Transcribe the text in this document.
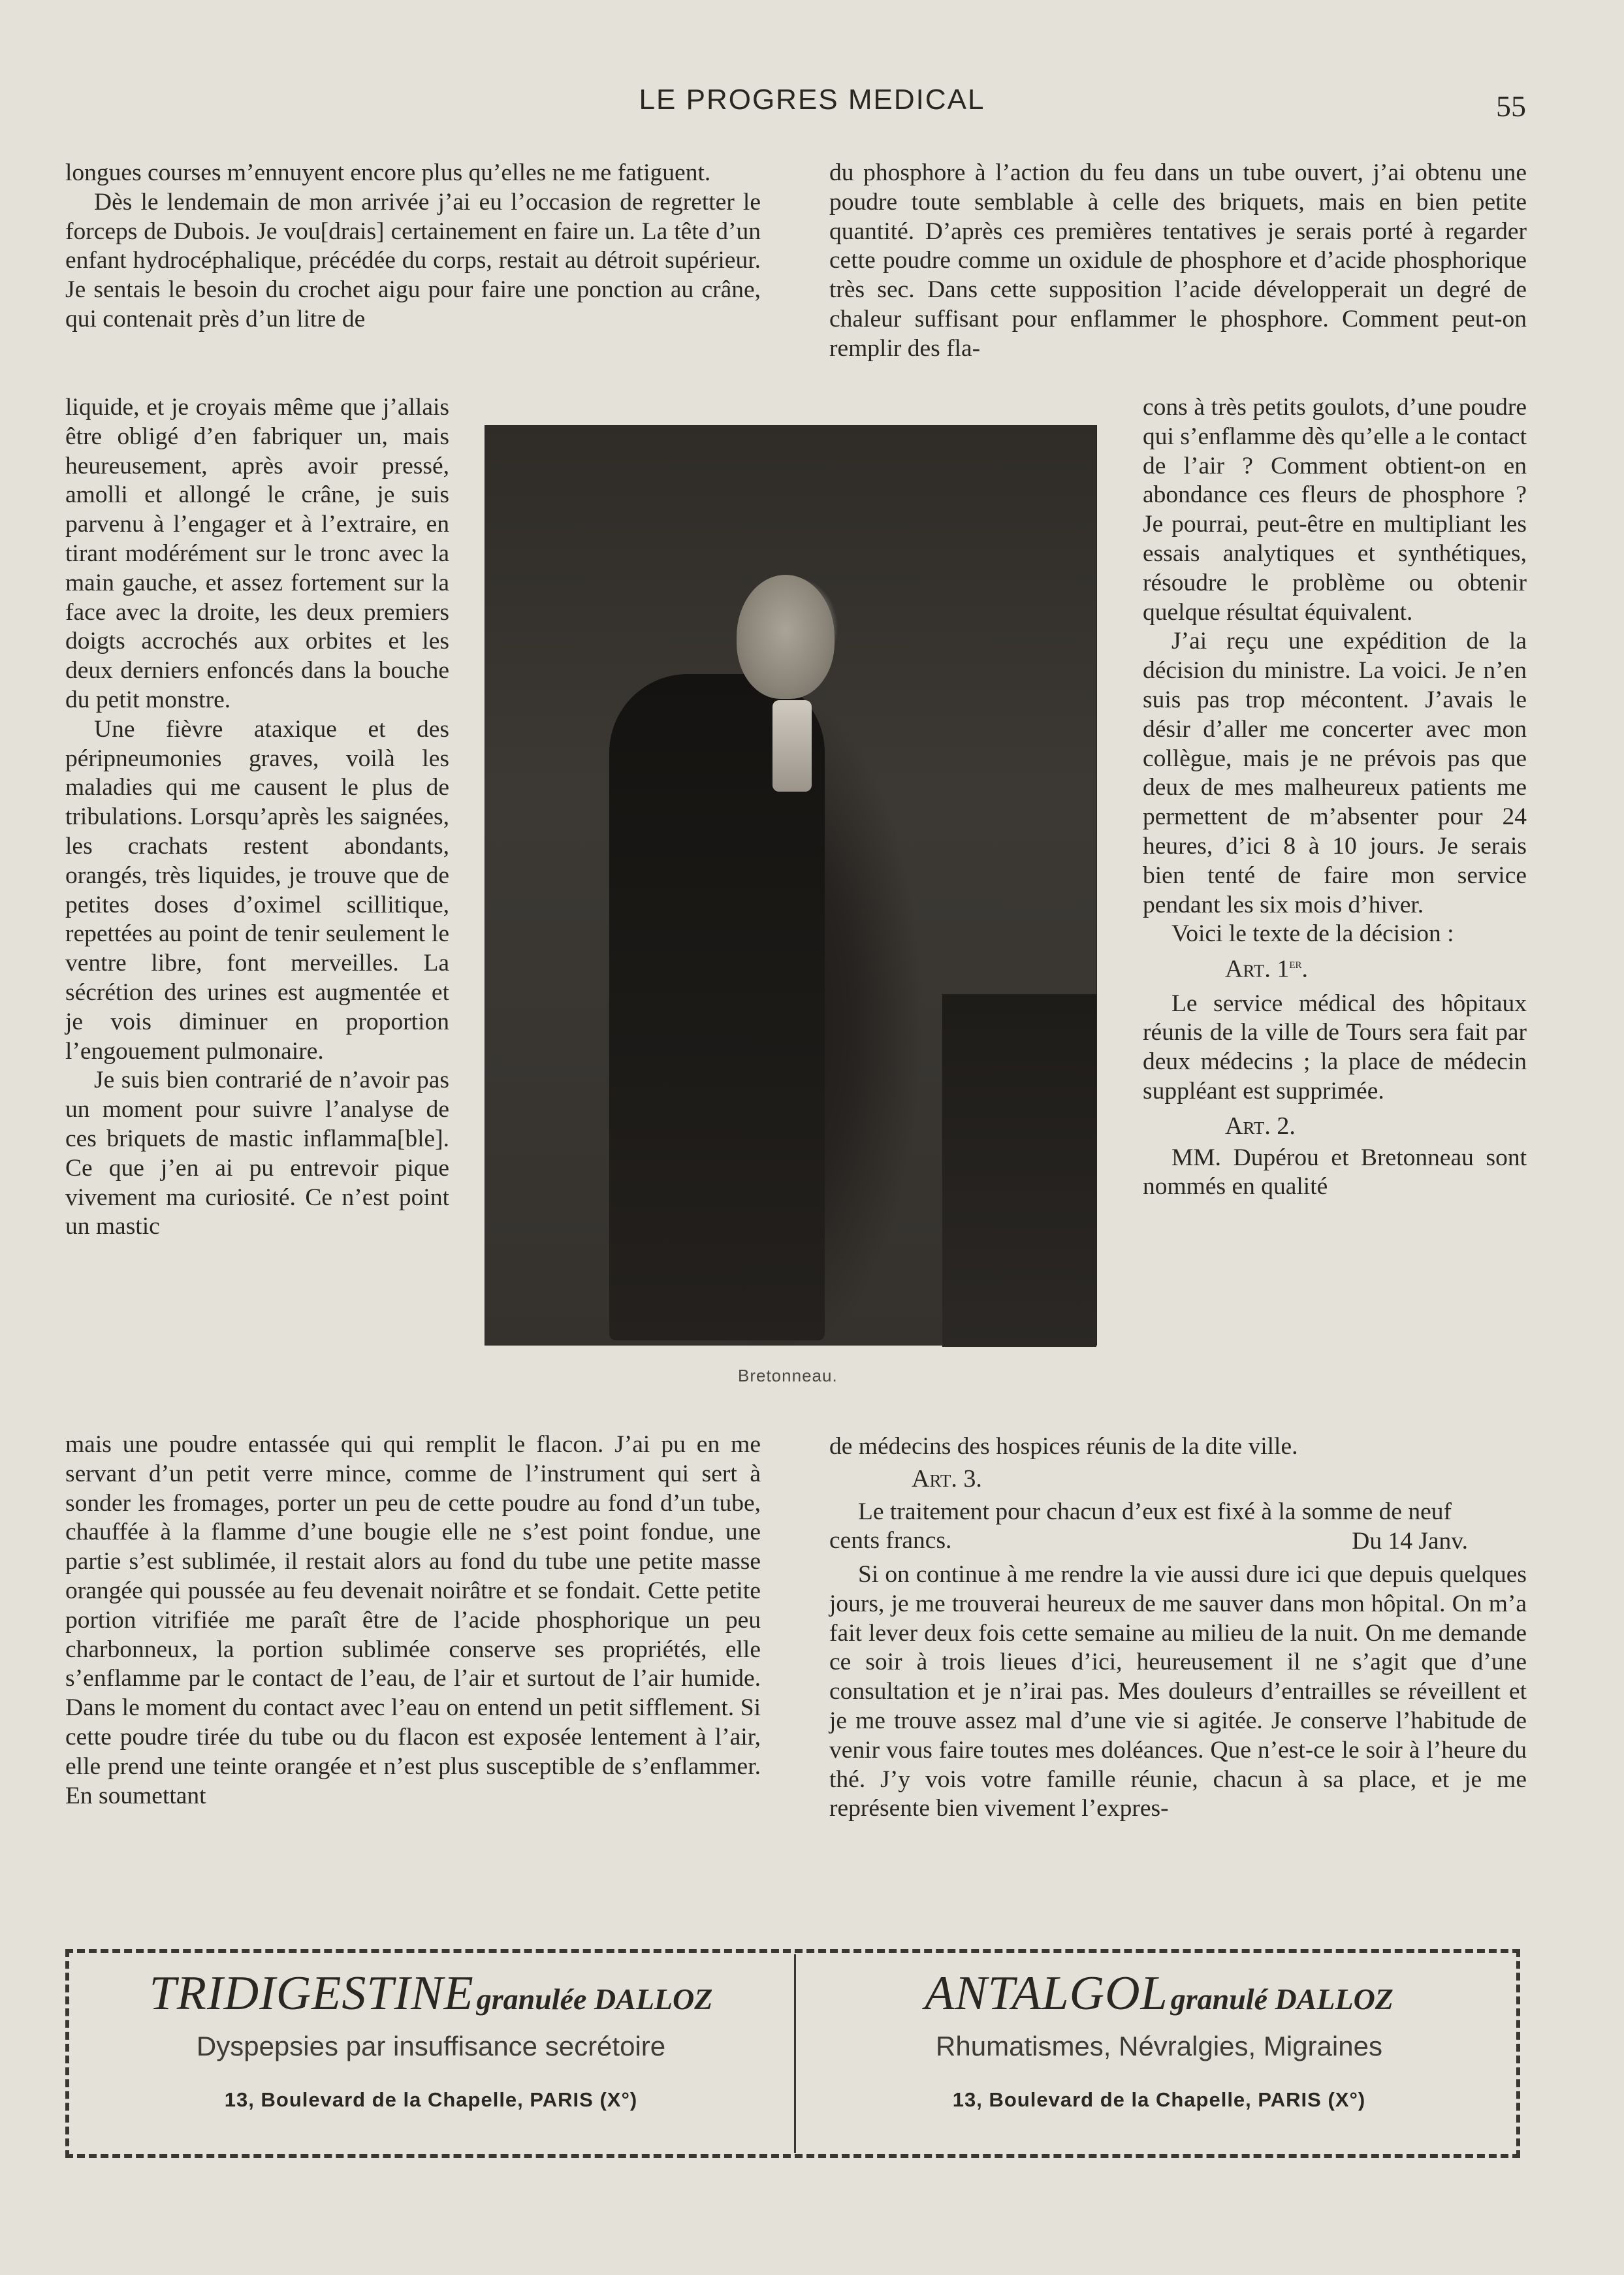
LE PROGRES MEDICAL	55

longues courses m’ennuyent encore plus qu’elles ne me fatiguent.

Dès le lendemain de mon arrivée j’ai eu l’occasion de regretter le forceps de Dubois. Je vou[drais] certainement en faire un. La tête d’un enfant hydrocéphalique, précédée du corps, restait au détroit supérieur. Je sentais le besoin du crochet aigu pour faire une ponction au crâne, qui contenait près d’un litre de

liquide, et je croyais même que j’allais être obligé d’en fabriquer un, mais heureusement, après avoir pressé, amolli et allongé le crâne, je suis parvenu à l’engager et à l’extraire, en tirant modérément sur le tronc avec la main gauche, et assez fortement sur la face avec la droite, les deux premiers doigts accrochés aux orbites et les deux derniers enfoncés dans la bouche du petit monstre.

Une fièvre ataxique et des péripneumonies graves, voilà les maladies qui me causent le plus de tribulations. Lorsqu’après les saignées, les crachats restent abondants, orangés, très liquides, je trouve que de petites doses d’oximel scillitique, repettées au point de tenir seulement le ventre libre, font merveilles. La sécrétion des urines est augmentée et je vois diminuer en proportion l’engouement pulmonaire.

Je suis bien contrarié de n’avoir pas un moment pour suivre l’analyse de ces briquets de mastic inflamma[ble]. Ce que j’en ai pu entrevoir pique vivement ma curiosité. Ce n’est point un mastic

mais une poudre entassée qui qui remplit le flacon. J’ai pu en me servant d’un petit verre mince, comme de l’instrument qui sert à sonder les fromages, porter un peu de cette poudre au fond d’un tube, chauffée à la flamme d’une bougie elle ne s’est point fondue, une partie s’est sublimée, il restait alors au fond du tube une petite masse orangée qui poussée au feu devenait noirâtre et se fondait. Cette petite portion vitrifiée me paraît être de l’acide phosphorique un peu charbonneux, la portion sublimée conserve ses propriétés, elle s’enflamme par le contact de l’eau, de l’air et surtout de l’air humide. Dans le moment du contact avec l’eau on entend un petit sifflement. Si cette poudre tirée du tube ou du flacon est exposée lentement à l’air, elle prend une teinte orangée et n’est plus susceptible de s’enflammer. En soumettant

Bretonneau.

du phosphore à l’action du feu dans un tube ouvert, j’ai obtenu une poudre toute semblable à celle des briquets, mais en bien petite quantité. D’après ces premières tentatives je serais porté à regarder cette poudre comme un oxidule de phosphore et d’acide phosphorique très sec. Dans cette supposition l’acide développerait un degré de chaleur suffisant pour enflammer le phosphore. Comment peut-on remplir des fla-

cons à très petits goulots, d’une poudre qui s’enflamme dès qu’elle a le contact de l’air ? Comment obtient-on en abondance ces fleurs de phosphore ? Je pourrai, peut-être en multipliant les essais analytiques et synthétiques, résoudre le problème ou obtenir quelque résultat équivalent.

J’ai reçu une expédition de la décision du ministre. La voici. Je n’en suis pas trop mécontent. J’avais le désir d’aller me concerter avec mon collègue, mais je ne prévois pas que deux de mes malheureux patients me permettent de m’absenter pour 24 heures, d’ici 8 à 10 jours. Je serais bien tenté de faire mon service pendant les six mois d’hiver.

Voici le texte de la décision :

Art. 1er.

Le service médical des hôpitaux réunis de la ville de Tours sera fait par deux médecins ; la place de médecin suppléant est supprimée.

Art. 2.

MM. Dupérou et Bretonneau sont nommés en qualité

de médecins des hospices réunis de la dite ville.

Art. 3.

Le traitement pour chacun d’eux est fixé à la somme de neuf cents francs.	Du 14 Janv.

Si on continue à me rendre la vie aussi dure ici que depuis quelques jours, je me trouverai heureux de me sauver dans mon hôpital. On m’a fait lever deux fois cette semaine au milieu de la nuit. On me demande ce soir à trois lieues d’ici, heureusement il ne s’agit que d’une consultation et je n’irai pas. Mes douleurs d’entrailles se réveillent et je me trouve assez mal d’une vie si agitée. Je conserve l’habitude de venir vous faire toutes mes doléances. Que n’est-ce le soir à l’heure du thé. J’y vois votre famille réunie, chacun à sa place, et je me représente bien vivement l’expres-

TRIDIGESTINE granulée DALLOZ
Dyspepsies par insuffisance secrétoire
13, Boulevard de la Chapelle, PARIS (X°)
ANTALGOL granulé DALLOZ
Rhumatismes, Névralgies, Migraines
13, Boulevard de la Chapelle, PARIS (X°)
